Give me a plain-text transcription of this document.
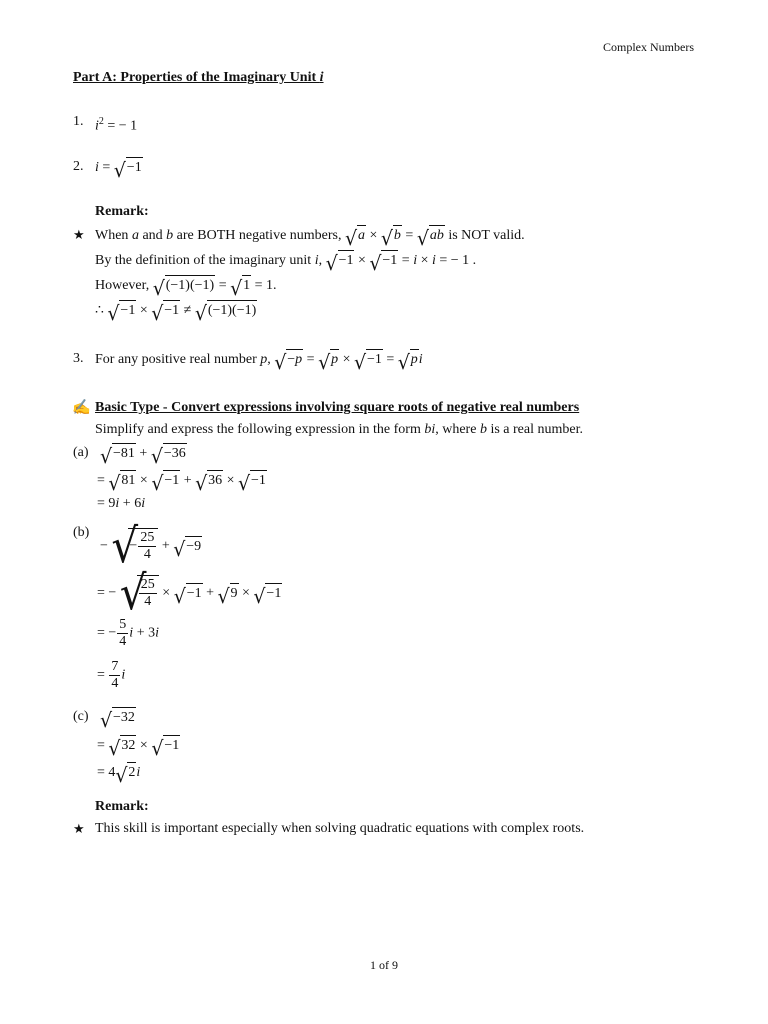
Complex Numbers
Part A: Properties of the Imaginary Unit i
1. $i^2$ = − 1
2. i = √ −1
Remark:
★ When a and b are BOTH negative numbers, √ a × √ b = √ ab is NOT valid.
By the definition of the imaginary unit i, √ −1 × √ −1 = i × i = − 1 .
However, √ (−1)(−1) = √ 1 = 1.
∴ √ −1 × √ −1 ≠ √ (−1)(−1)
3. For any positive real number p, √ −p = √ p × √ −1 = √ pi
✍ Basic Type - Convert expressions involving square roots of negative real numbers
Simplify and express the following expression in the form bi, where b is a real number.
(a)	√ −81 + √ −36
= √ 81 × √ −1 + √ 36 × √ −1
= 9i + 6i
(b)
− √ − $\frac{25}{4}$ + √ −9
= − √ $\frac{25}{4}$ × √ −1 + √ 9 × √ −1
= − $\frac{5}{4}$ i + 3i
= $\frac{7}{4}$ i
(c)	√ −32
= √ 32 × √ −1
= 4 √ 2i
Remark:
★ This skill is important especially when solving quadratic equations with complex roots.
1 of 9
